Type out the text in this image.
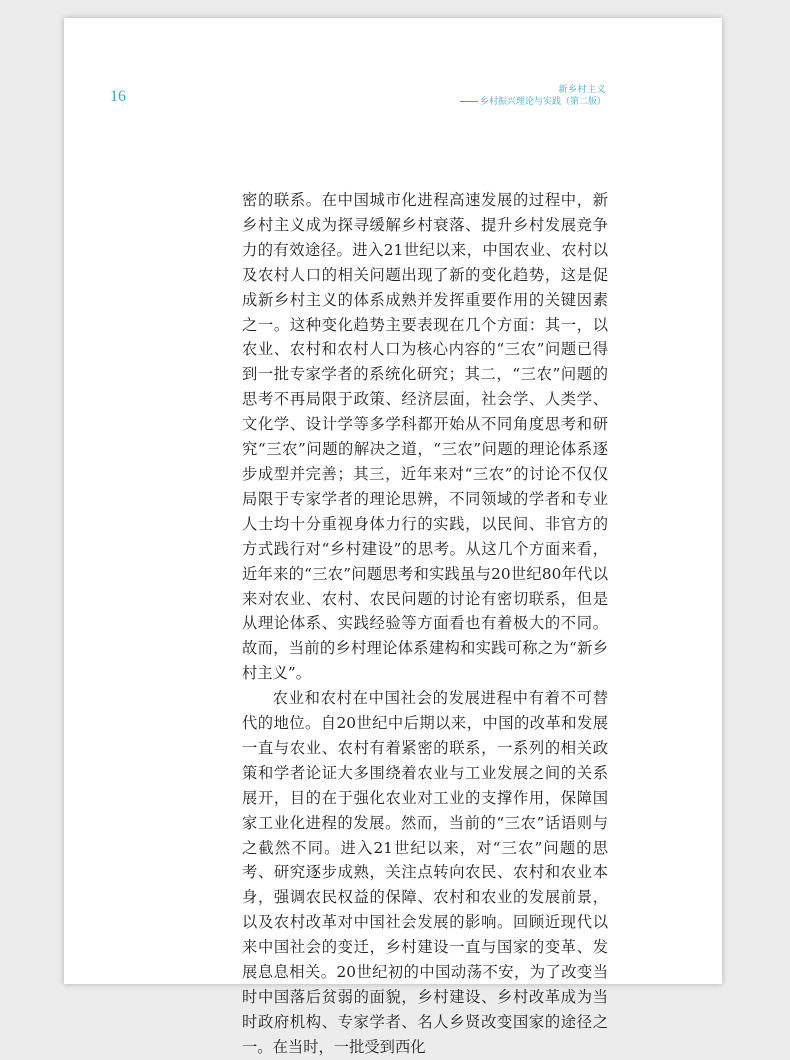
16	新乡村主义
乡村振兴理论与实践（第二版）

密的联系。在中国城市化进程高速发展的过程中，新乡村主义成为探寻缓解乡村衰落、提升乡村发展竞争力的有效途径。进入21世纪以来，中国农业、农村以及农村人口的相关问题出现了新的变化趋势，这是促成新乡村主义的体系成熟并发挥重要作用的关键因素之一。这种变化趋势主要表现在几个方面：其一，以农业、农村和农村人口为核心内容的“三农”问题已得到一批专家学者的系统化研究；其二，“三农”问题的思考不再局限于政策、经济层面，社会学、人类学、文化学、设计学等多学科都开始从不同角度思考和研究“三农”问题的解决之道，“三农”问题的理论体系逐步成型并完善；其三，近年来对“三农”的讨论不仅仅局限于专家学者的理论思辨，不同领域的学者和专业人士均十分重视身体力行的实践，以民间、非官方的方式践行对“乡村建设”的思考。从这几个方面来看，近年来的“三农”问题思考和实践虽与20世纪80年代以来对农业、农村、农民问题的讨论有密切联系，但是从理论体系、实践经验等方面看也有着极大的不同。故而，当前的乡村理论体系建构和实践可称之为“新乡村主义”。

农业和农村在中国社会的发展进程中有着不可替代的地位。自20世纪中后期以来，中国的改革和发展一直与农业、农村有着紧密的联系，一系列的相关政策和学者论证大多围绕着农业与工业发展之间的关系展开，目的在于强化农业对工业的支撑作用，保障国家工业化进程的发展。然而，当前的“三农”话语则与之截然不同。进入21世纪以来，对“三农”问题的思考、研究逐步成熟，关注点转向农民、农村和农业本身，强调农民权益的保障、农村和农业的发展前景，以及农村改革对中国社会发展的影响。回顾近现代以来中国社会的变迁，乡村建设一直与国家的变革、发展息息相关。20世纪初的中国动荡不安，为了改变当时中国落后贫弱的面貌，乡村建设、乡村改革成为当时政府机构、专家学者、名人乡贤改变国家的途径之一。在当时，一批受到西化
